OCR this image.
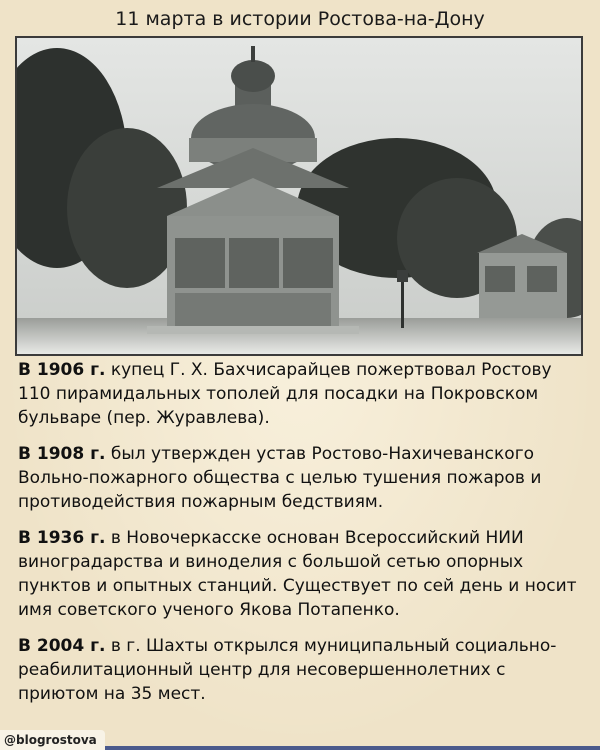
11 марта в истории Ростова-на-Дону

В 1906 г. купец Г. Х. Бахчисарайцев пожертвовал Ростову 110 пирамидальных тополей для посадки на Покровском бульваре (пер. Журавлева).

В 1908 г. был утвержден устав Ростово-Нахичеванского Вольно-пожарного общества с целью тушения пожаров и противодействия пожарным бедствиям.

В 1936 г. в Новочеркасске основан Всероссийский НИИ виноградарства и виноделия с большой сетью опорных пунктов и опытных станций. Существует по сей день и носит имя советского ученого Якова Потапенко.

В 2004 г. в г. Шахты открылся муниципальный социально-реабилитационный центр для несовершеннолетних с приютом на 35 мест.

@blogrostova
